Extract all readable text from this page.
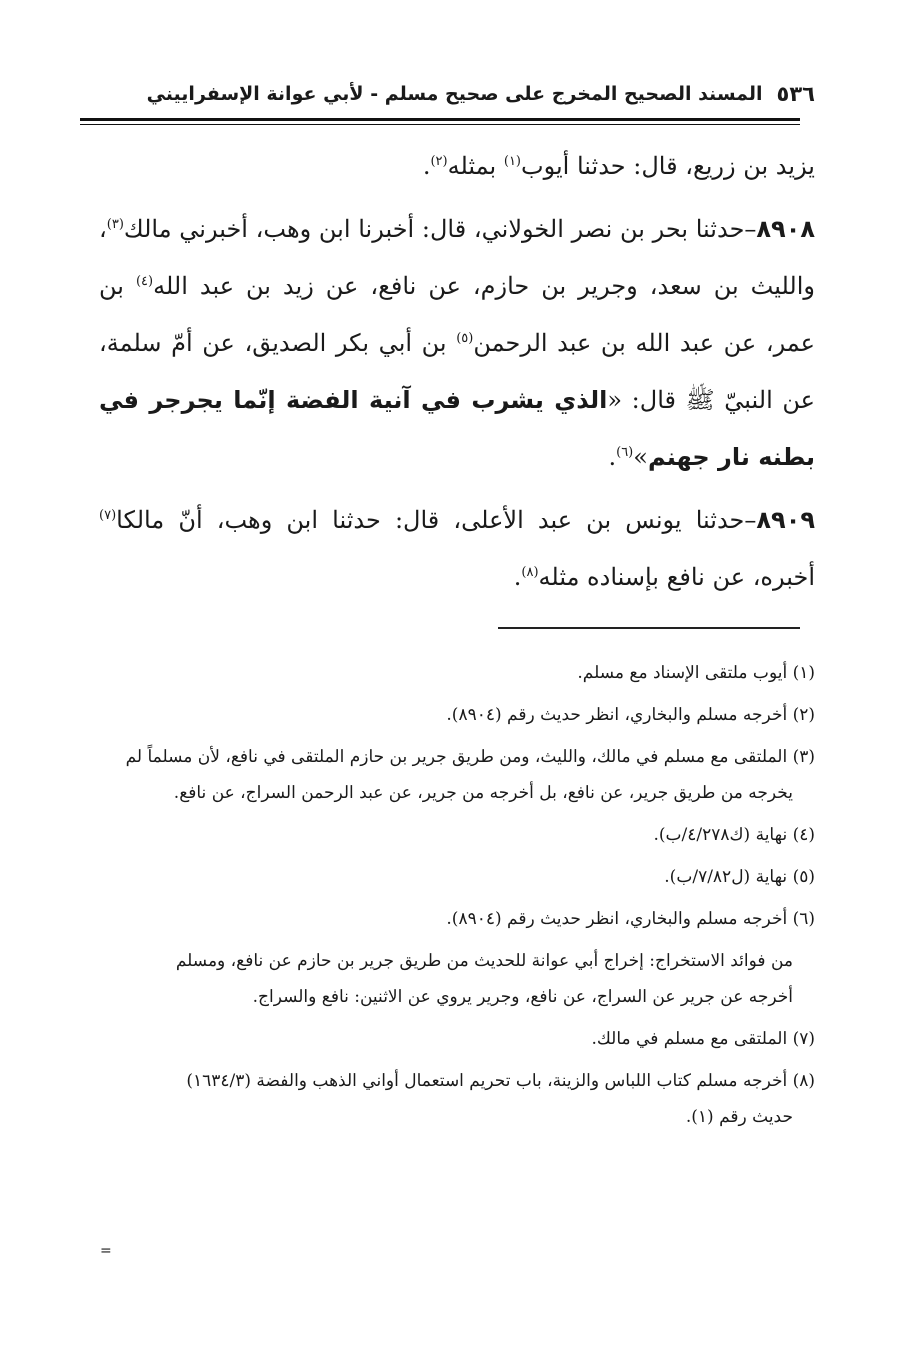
٥٣٦
المسند الصحيح المخرج على صحيح مسلم - لأبي عوانة الإسفراييني

يزيد بن زريع، قال: حدثنا أيوب$^{(١)}$ بمثله$^{(٢)}$.

٨٩٠٨–حدثنا بحر بن نصر الخولاني، قال: أخبرنا ابن وهب، أخبرني مالك$^{(٣)}$، والليث بن سعد، وجرير بن حازم، عن نافع، عن زيد بن عبد الله$^{(٤)}$ بن عمر، عن عبد الله بن عبد الرحمن$^{(٥)}$ بن أبي بكر الصديق، عن أمّ سلمة، عن النبيّ ﷺ قال: «الذي يشرب في آنية الفضة إنّما يجرجر في بطنه نار جهنم»$^{(٦)}$.

٨٩٠٩–حدثنا يونس بن عبد الأعلى، قال: حدثنا ابن وهب، أنّ مالكا$^{(٧)}$ أخبره، عن نافع بإسناده مثله$^{(٨)}$.

(١) أيوب ملتقى الإسناد مع مسلم.
(٢) أخرجه مسلم والبخاري، انظر حديث رقم (٨٩٠٤).
(٣) الملتقى مع مسلم في مالك، والليث، ومن طريق جرير بن حازم الملتقى في نافع، لأن مسلماً لم
يخرجه من طريق جرير، عن نافع، بل أخرجه من جرير، عن عبد الرحمن السراج، عن نافع.
(٤) نهاية (ك٤/٢٧٨/ب).
(٥) نهاية (ل٧/٨٢/ب).
(٦) أخرجه مسلم والبخاري، انظر حديث رقم (٨٩٠٤).
من فوائد الاستخراج: إخراج أبي عوانة للحديث من طريق جرير بن حازم عن نافع، ومسلم
أخرجه عن جرير عن السراج، عن نافع، وجرير يروي عن الاثنين: نافع والسراج.
(٧) الملتقى مع مسلم في مالك.
(٨) أخرجه مسلم كتاب اللباس والزينة، باب تحريم استعمال أواني الذهب والفضة (١٦٣٤/٣)
حديث رقم (١).
=
